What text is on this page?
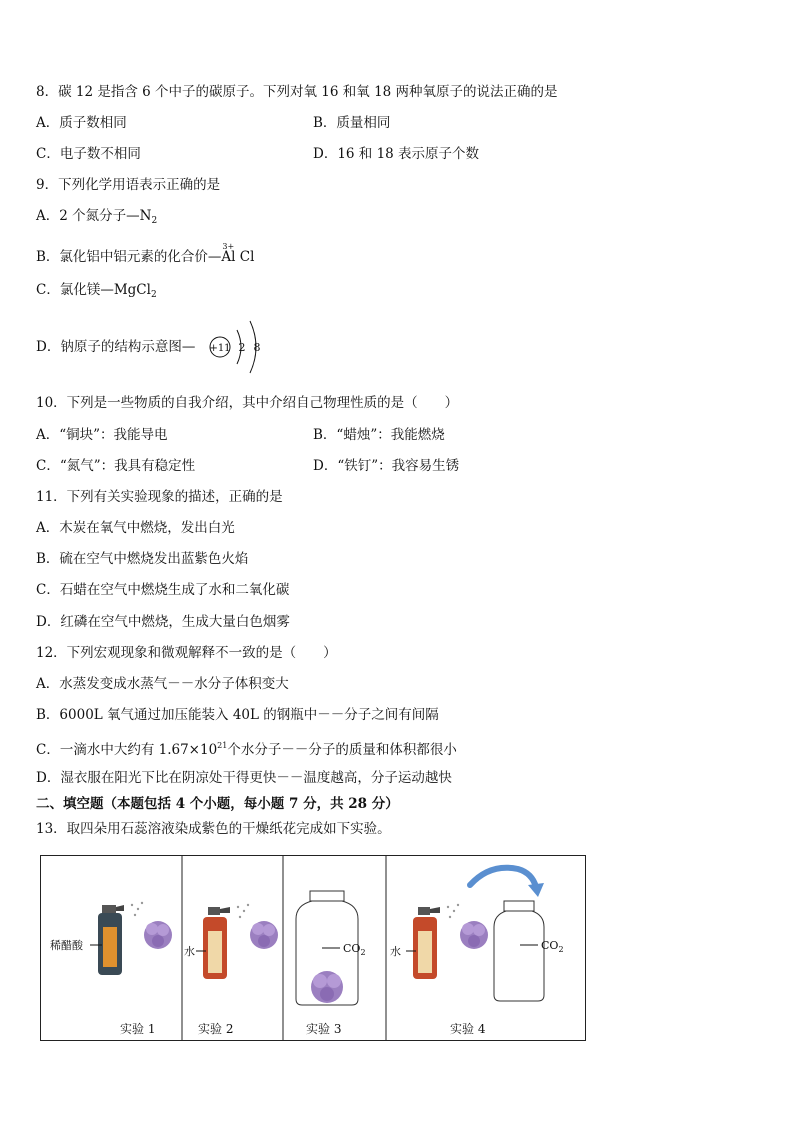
8．碳 12 是指含 6 个中子的碳原子。下列对氧 16 和氧 18 两种氧原子的说法正确的是
A．质子数相同	B．质量相同
C．电子数不相同	D．16 和 18 表示原子个数
9．下列化学用语表示正确的是
A．2 个氮分子$—N_2$
B．氯化铝中铝元素的化合价—
3+
Al Cl
C．氯化镁—MgCl$_2$
D．钠原子的结构示意图— +11 2 8
10．下列是一些物质的自我介绍，其中介绍自己物理性质的是（　　）
A．“铜块”：我能导电	B．“蜡烛”：我能燃烧
C．“氮气”：我具有稳定性	D．“铁钉”：我容易生锈
11．下列有关实验现象的描述，正确的是
A．木炭在氧气中燃烧，发出白光
B．硫在空气中燃烧发出蓝紫色火焰
C．石蜡在空气中燃烧生成了水和二氧化碳
D．红磷在空气中燃烧，生成大量白色烟雾
12．下列宏观现象和微观解释不一致的是（　　）
A．水蒸发变成水蒸气－－水分子体积变大
B．6000L 氧气通过加压能装入 40L 的钢瓶中－－分子之间有间隔
C．一滴水中大约有 $1.67\times 10^{21}$个水分子－－分子的质量和体积都很小
D．湿衣服在阳光下比在阴凉处干得更快－－温度越高，分子运动越快
二、填空题（本题包括 4 个小题，每小题 7 分，共 28 分）
13．取四朵用石蕊溶液染成紫色的干燥纸花完成如下实验。
稀醋酸
实验 1
水
实验 2
$CO_2$
实验 3
水	$CO_2$
实验 4
